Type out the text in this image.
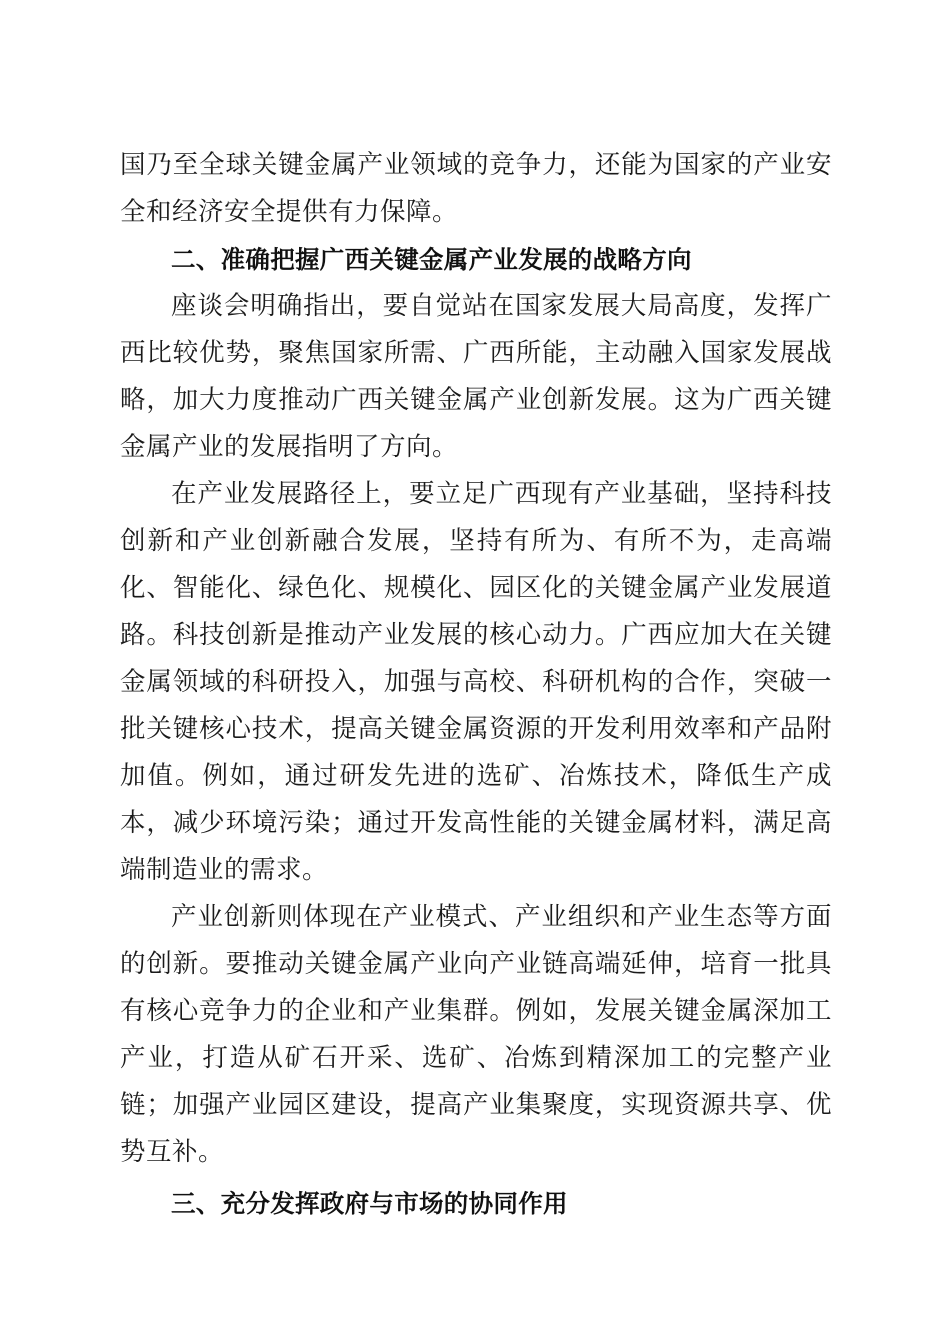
国乃至全球关键金属产业领域的竞争力，还能为国家的产业安全和经济安全提供有力保障。

二、准确把握广西关键金属产业发展的战略方向

座谈会明确指出，要自觉站在国家发展大局高度，发挥广西比较优势，聚焦国家所需、广西所能，主动融入国家发展战略，加大力度推动广西关键金属产业创新发展。这为广西关键金属产业的发展指明了方向。

在产业发展路径上，要立足广西现有产业基础，坚持科技创新和产业创新融合发展，坚持有所为、有所不为，走高端化、智能化、绿色化、规模化、园区化的关键金属产业发展道路。科技创新是推动产业发展的核心动力。广西应加大在关键金属领域的科研投入，加强与高校、科研机构的合作，突破一批关键核心技术，提高关键金属资源的开发利用效率和产品附加值。例如，通过研发先进的选矿、冶炼技术，降低生产成本，减少环境污染；通过开发高性能的关键金属材料，满足高端制造业的需求。

产业创新则体现在产业模式、产业组织和产业生态等方面的创新。要推动关键金属产业向产业链高端延伸，培育一批具有核心竞争力的企业和产业集群。例如，发展关键金属深加工产业，打造从矿石开采、选矿、冶炼到精深加工的完整产业链；加强产业园区建设，提高产业集聚度，实现资源共享、优势互补。

三、充分发挥政府与市场的协同作用
